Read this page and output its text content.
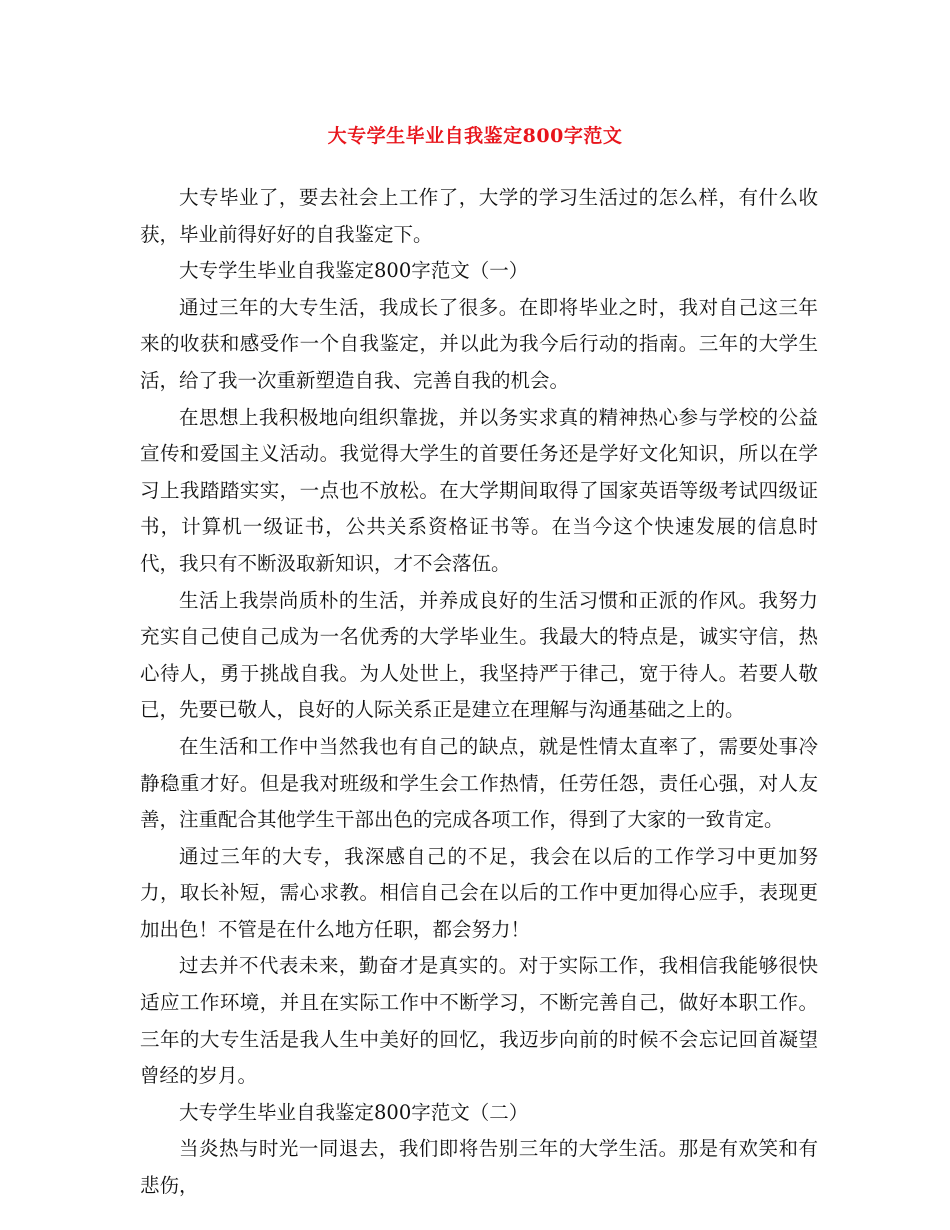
大专学生毕业自我鉴定800字范文

大专毕业了，要去社会上工作了，大学的学习生活过的怎么样，有什么收获，毕业前得好好的自我鉴定下。

大专学生毕业自我鉴定800字范文（一）

通过三年的大专生活，我成长了很多。在即将毕业之时，我对自己这三年来的收获和感受作一个自我鉴定，并以此为我今后行动的指南。三年的大学生活，给了我一次重新塑造自我、完善自我的机会。

在思想上我积极地向组织靠拢，并以务实求真的精神热心参与学校的公益宣传和爱国主义活动。我觉得大学生的首要任务还是学好文化知识，所以在学习上我踏踏实实，一点也不放松。在大学期间取得了国家英语等级考试四级证书，计算机一级证书，公共关系资格证书等。在当今这个快速发展的信息时代，我只有不断汲取新知识，才不会落伍。

生活上我崇尚质朴的生活，并养成良好的生活习惯和正派的作风。我努力充实自己使自己成为一名优秀的大学毕业生。我最大的特点是，诚实守信，热心待人，勇于挑战自我。为人处世上，我坚持严于律己，宽于待人。若要人敬已，先要已敬人，良好的人际关系正是建立在理解与沟通基础之上的。

在生活和工作中当然我也有自己的缺点，就是性情太直率了，需要处事冷静稳重才好。但是我对班级和学生会工作热情，任劳任怨，责任心强，对人友善，注重配合其他学生干部出色的完成各项工作，得到了大家的一致肯定。

通过三年的大专，我深感自己的不足，我会在以后的工作学习中更加努力，取长补短，需心求教。相信自己会在以后的工作中更加得心应手，表现更加出色！不管是在什么地方任职，都会努力！

过去并不代表未来，勤奋才是真实的。对于实际工作，我相信我能够很快适应工作环境，并且在实际工作中不断学习，不断完善自己，做好本职工作。三年的大专生活是我人生中美好的回忆，我迈步向前的时候不会忘记回首凝望曾经的岁月。

大专学生毕业自我鉴定800字范文（二）

当炎热与时光一同退去，我们即将告别三年的大学生活。那是有欢笑和有悲伤，
